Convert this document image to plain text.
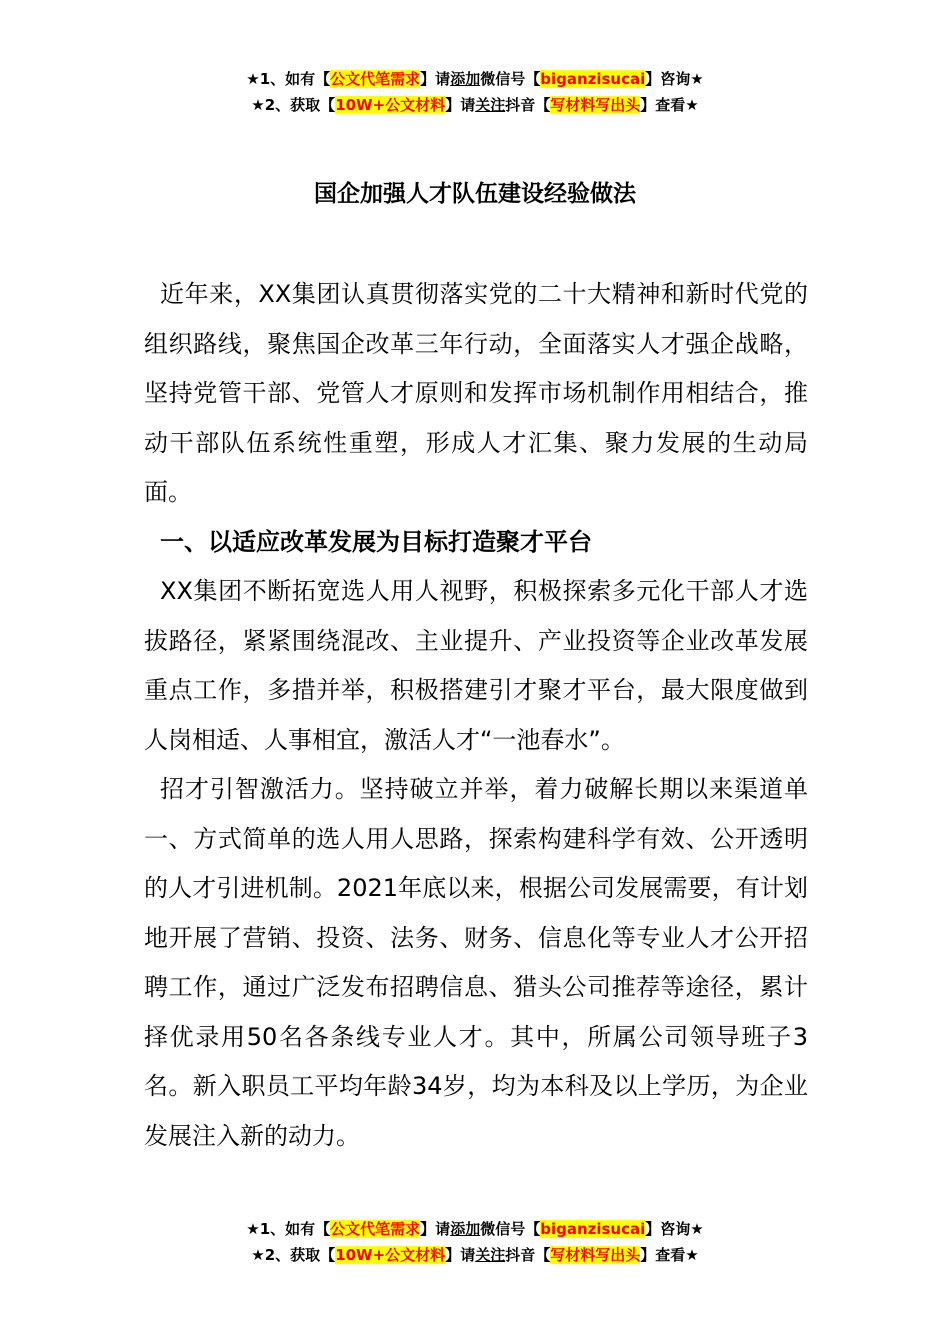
★1、如有【公文代笔需求】请添加微信号【biganzisucai】咨询★
★2、获取【10W+公文材料】请关注抖音【写材料写出头】查看★
国企加强人才队伍建设经验做法

近年来，XX集团认真贯彻落实党的二十大精神和新时代党的组织路线，聚焦国企改革三年行动，全面落实人才强企战略，坚持党管干部、党管人才原则和发挥市场机制作用相结合，推动干部队伍系统性重塑，形成人才汇集、聚力发展的生动局面。

一、以适应改革发展为目标打造聚才平台

XX集团不断拓宽选人用人视野，积极探索多元化干部人才选拔路径，紧紧围绕混改、主业提升、产业投资等企业改革发展重点工作，多措并举，积极搭建引才聚才平台，最大限度做到人岗相适、人事相宜，激活人才“一池春水”。

招才引智激活力。坚持破立并举，着力破解长期以来渠道单一、方式简单的选人用人思路，探索构建科学有效、公开透明的人才引进机制。2021年底以来，根据公司发展需要，有计划地开展了营销、投资、法务、财务、信息化等专业人才公开招聘工作，通过广泛发布招聘信息、猎头公司推荐等途径，累计择优录用50名各条线专业人才。其中，所属公司领导班子3名。新入职员工平均年龄34岁，均为本科及以上学历，为企业发展注入新的动力。

★1、如有【公文代笔需求】请添加微信号【biganzisucai】咨询★
★2、获取【10W+公文材料】请关注抖音【写材料写出头】查看★
